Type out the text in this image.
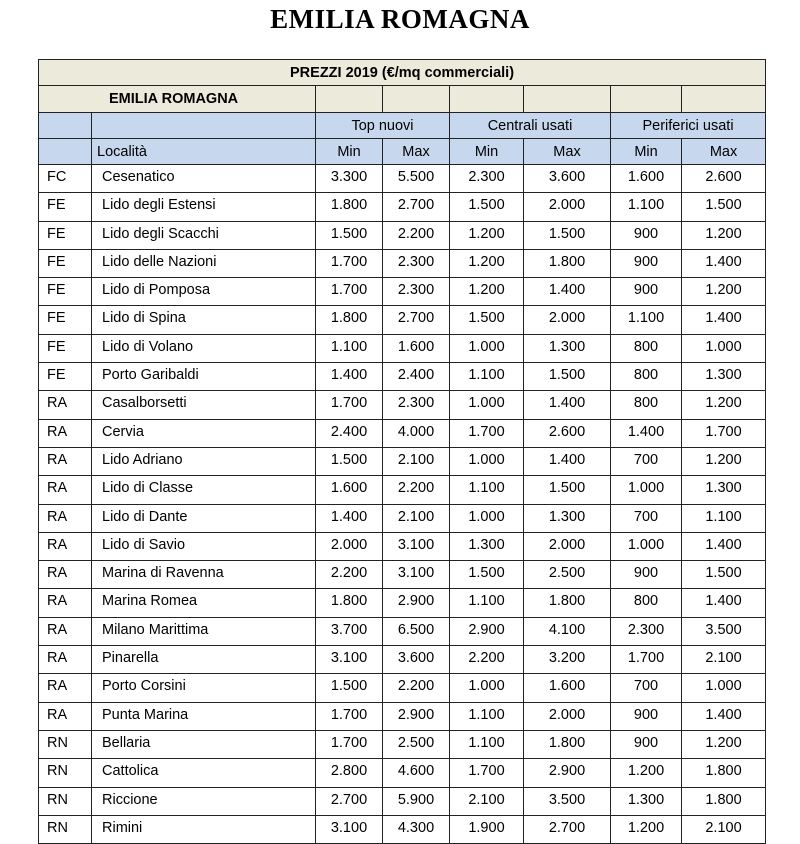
EMILIA ROMAGNA
PREZZI 2019 (€/mq commerciali)							
EMILIA ROMAGNA							
		Top nuovi		Centrali usati		Periferici usati	
	Località	Min	Max	Min	Max	Min	Max
FC	Cesenatico	3.300	5.500	2.300	3.600	1.600	2.600
FE	Lido degli Estensi	1.800	2.700	1.500	2.000	1.100	1.500
FE	Lido degli Scacchi	1.500	2.200	1.200	1.500	900	1.200
FE	Lido delle Nazioni	1.700	2.300	1.200	1.800	900	1.400
FE	Lido di Pomposa	1.700	2.300	1.200	1.400	900	1.200
FE	Lido di Spina	1.800	2.700	1.500	2.000	1.100	1.400
FE	Lido di Volano	1.100	1.600	1.000	1.300	800	1.000
FE	Porto Garibaldi	1.400	2.400	1.100	1.500	800	1.300
RA	Casalborsetti	1.700	2.300	1.000	1.400	800	1.200
RA	Cervia	2.400	4.000	1.700	2.600	1.400	1.700
RA	Lido Adriano	1.500	2.100	1.000	1.400	700	1.200
RA	Lido di Classe	1.600	2.200	1.100	1.500	1.000	1.300
RA	Lido di Dante	1.400	2.100	1.000	1.300	700	1.100
RA	Lido di Savio	2.000	3.100	1.300	2.000	1.000	1.400
RA	Marina di Ravenna	2.200	3.100	1.500	2.500	900	1.500
RA	Marina Romea	1.800	2.900	1.100	1.800	800	1.400
RA	Milano Marittima	3.700	6.500	2.900	4.100	2.300	3.500
RA	Pinarella	3.100	3.600	2.200	3.200	1.700	2.100
RA	Porto Corsini	1.500	2.200	1.000	1.600	700	1.000
RA	Punta Marina	1.700	2.900	1.100	2.000	900	1.400
RN	Bellaria	1.700	2.500	1.100	1.800	900	1.200
RN	Cattolica	2.800	4.600	1.700	2.900	1.200	1.800
RN	Riccione	2.700	5.900	2.100	3.500	1.300	1.800
RN	Rimini	3.100	4.300	1.900	2.700	1.200	2.100
